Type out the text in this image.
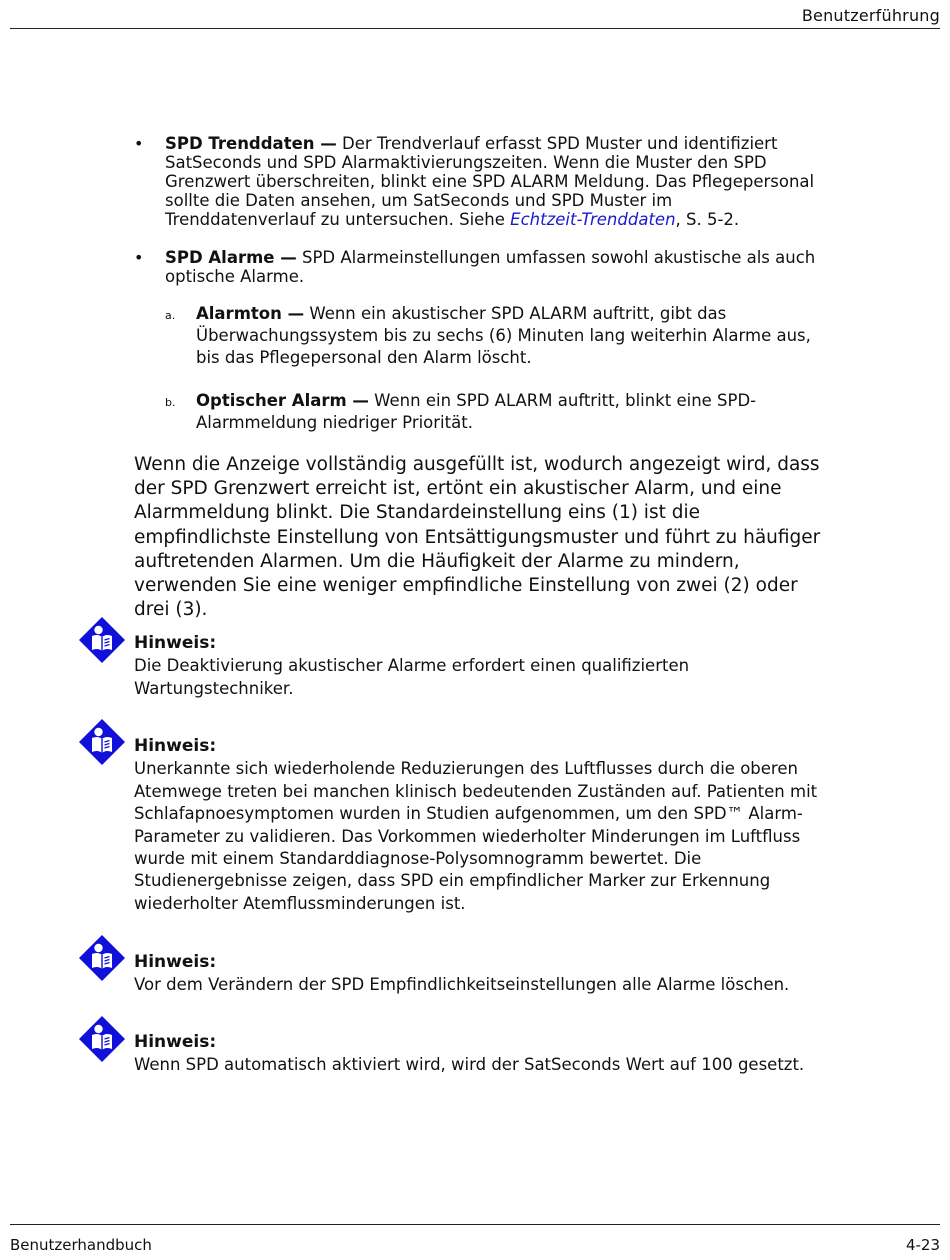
Benutzerführung
• SPD Trenddaten — Der Trendverlauf erfasst SPD Muster und identifiziert SatSeconds und SPD Alarmaktivierungszeiten. Wenn die Muster den SPD Grenzwert überschreiten, blinkt eine SPD ALARM Meldung. Das Pflegepersonal sollte die Daten ansehen, um SatSeconds und SPD Muster im Trenddatenverlauf zu untersuchen. Siehe Echtzeit-Trenddaten, S. 5-2.
• SPD Alarme — SPD Alarmeinstellungen umfassen sowohl akustische als auch optische Alarme.
a. Alarmton — Wenn ein akustischer SPD ALARM auftritt, gibt das Überwachungssystem bis zu sechs (6) Minuten lang weiterhin Alarme aus, bis das Pflegepersonal den Alarm löscht.
b. Optischer Alarm — Wenn ein SPD ALARM auftritt, blinkt eine SPD-Alarmmeldung niedriger Priorität.
Wenn die Anzeige vollständig ausgefüllt ist, wodurch angezeigt wird, dass der SPD Grenzwert erreicht ist, ertönt ein akustischer Alarm, und eine Alarmmeldung blinkt. Die Standardeinstellung eins (1) ist die empfindlichste Einstellung von Entsättigungsmuster und führt zu häufiger auftretenden Alarmen. Um die Häufigkeit der Alarme zu mindern, verwenden Sie eine weniger empfindliche Einstellung von zwei (2) oder drei (3).
Hinweis:
Die Deaktivierung akustischer Alarme erfordert einen qualifizierten Wartungstechniker.
Hinweis:
Unerkannte sich wiederholende Reduzierungen des Luftflusses durch die oberen Atemwege treten bei manchen klinisch bedeutenden Zuständen auf. Patienten mit Schlafapnoesymptomen wurden in Studien aufgenommen, um den SPD™ Alarm-Parameter zu validieren. Das Vorkommen wiederholter Minderungen im Luftfluss wurde mit einem Standarddiagnose-Polysomnogramm bewertet. Die Studienergebnisse zeigen, dass SPD ein empfindlicher Marker zur Erkennung wiederholter Atemflussminderungen ist.
Hinweis:
Vor dem Verändern der SPD Empfindlichkeitseinstellungen alle Alarme löschen.
Hinweis:
Wenn SPD automatisch aktiviert wird, wird der SatSeconds Wert auf 100 gesetzt.
Benutzerhandbuch	4-23
